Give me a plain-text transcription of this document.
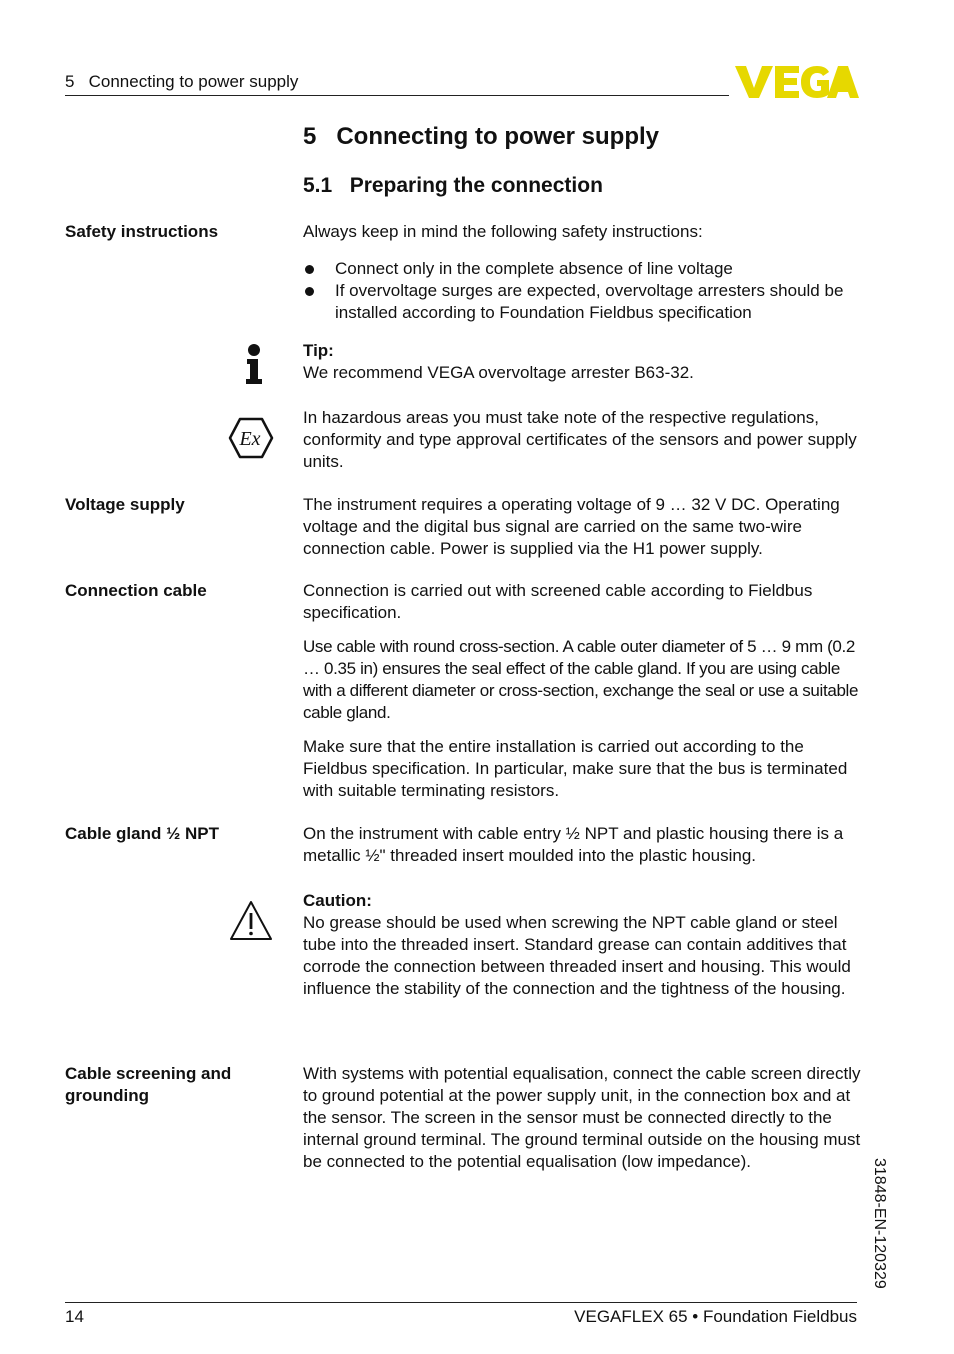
5   Connecting to power supply
5   Connecting to power supply
5.1   Preparing the connection
Safety instructions	Always keep in mind the following safety instructions:

Connect only in the complete absence of line voltage
If overvoltage surges are expected, overvoltage arresters should be installed according to Foundation Fieldbus specification
Tip:
We recommend VEGA overvoltage arrester B63-32.
Ex
In hazardous areas you must take note of the respective regulations, conformity and type approval certificates of the sensors and power supply units.
Voltage supply	The instrument requires a operating voltage of 9 … 32 V DC. Operating voltage and the digital bus signal are carried on the same two-wire connection cable. Power is supplied via the H1 power supply.
Connection cable	Connection is carried out with screened cable according to Fieldbus specification.

Use cable with round cross-section. A cable outer diameter of 5 … 9 mm (0.2 … 0.35 in) ensures the seal effect of the cable gland. If you are using cable with a different diameter or cross-section, exchange the seal or use a suitable cable gland.

Make sure that the entire installation is carried out according to the Fieldbus specification. In particular, make sure that the bus is terminated with suitable terminating resistors.

Cable gland ½ NPT	On the instrument with cable entry ½ NPT and plastic housing there is a metallic ½" threaded insert moulded into the plastic housing.
Caution:
No grease should be used when screwing the NPT cable gland or steel tube into the threaded insert. Standard grease can contain additives that corrode the connection between threaded insert and housing. This would influence the stability of the connection and the tightness of the housing.
Cable screening and grounding
With systems with potential equalisation, connect the cable screen directly to ground potential at the power supply unit, in the connection box and at the sensor. The screen in the sensor must be connected directly to the internal ground terminal. The ground terminal outside on the housing must be connected to the potential equalisation (low impedance).	31848-EN-120329
14	VEGAFLEX 65 • Foundation Fieldbus
